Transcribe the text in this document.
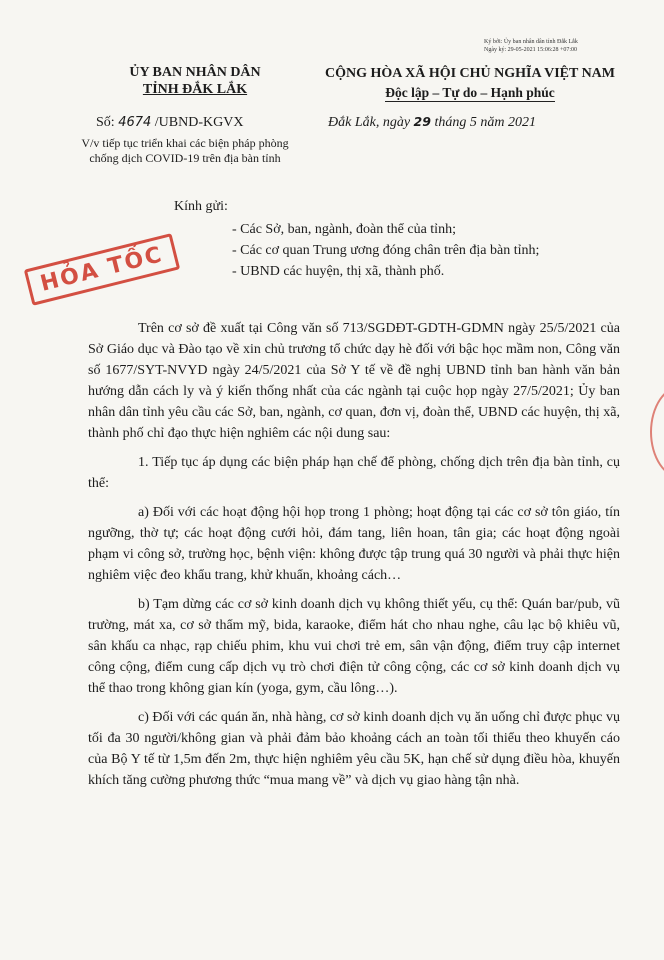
Ký bởi: Ủy ban nhân dân tỉnh Đắk Lắk
Ngày ký: 29-05-2021 15:06:28 +07:00
ỦY BAN NHÂN DÂN
TỈNH ĐẮK LẮK
CỘNG HÒA XÃ HỘI CHỦ NGHĨA VIỆT NAM
Độc lập – Tự do – Hạnh phúc
Số: 4674 /UBND-KGVX
V/v tiếp tục triển khai các biện pháp phòng chống dịch COVID-19 trên địa bàn tỉnh
Đắk Lắk, ngày 29 tháng 5 năm 2021
Kính gửi:
- Các Sở, ban, ngành, đoàn thể của tỉnh;
- Các cơ quan Trung ương đóng chân trên địa bàn tỉnh;
- UBND các huyện, thị xã, thành phố.
HỎA TỐC

Trên cơ sở đề xuất tại Công văn số 713/SGDĐT-GDTH-GDMN ngày 25/5/2021 của Sở Giáo dục và Đào tạo về xin chủ trương tổ chức dạy hè đối với bậc học mầm non, Công văn số 1677/SYT-NVYD ngày 24/5/2021 của Sở Y tế về đề nghị UBND tỉnh ban hành văn bản hướng dẫn cách ly và ý kiến thống nhất của các ngành tại cuộc họp ngày 27/5/2021; Ủy ban nhân dân tỉnh yêu cầu các Sở, ban, ngành, cơ quan, đơn vị, đoàn thể, UBND các huyện, thị xã, thành phố chỉ đạo thực hiện nghiêm các nội dung sau:

1. Tiếp tục áp dụng các biện pháp hạn chế để phòng, chống dịch trên địa bàn tỉnh, cụ thể:

a) Đối với các hoạt động hội họp trong 1 phòng; hoạt động tại các cơ sở tôn giáo, tín ngưỡng, thờ tự; các hoạt động cưới hỏi, đám tang, liên hoan, tân gia; các hoạt động ngoài phạm vi công sở, trường học, bệnh viện: không được tập trung quá 30 người và phải thực hiện nghiêm việc đeo khẩu trang, khử khuẩn, khoảng cách…

b) Tạm dừng các cơ sở kinh doanh dịch vụ không thiết yếu, cụ thể: Quán bar/pub, vũ trường, mát xa, cơ sở thẩm mỹ, bida, karaoke, điểm hát cho nhau nghe, câu lạc bộ khiêu vũ, sân khấu ca nhạc, rạp chiếu phim, khu vui chơi trẻ em, sân vận động, điểm truy cập internet công cộng, điểm cung cấp dịch vụ trò chơi điện tử công cộng, các cơ sở kinh doanh dịch vụ thể thao trong không gian kín (yoga, gym, cầu lông…).

c) Đối với các quán ăn, nhà hàng, cơ sở kinh doanh dịch vụ ăn uống chỉ được phục vụ tối đa 30 người/không gian và phải đảm bảo khoảng cách an toàn tối thiểu theo khuyến cáo của Bộ Y tế từ 1,5m đến 2m, thực hiện nghiêm yêu cầu 5K, hạn chế sử dụng điều hòa, khuyến khích tăng cường phương thức “mua mang về” và dịch vụ giao hàng tận nhà.
